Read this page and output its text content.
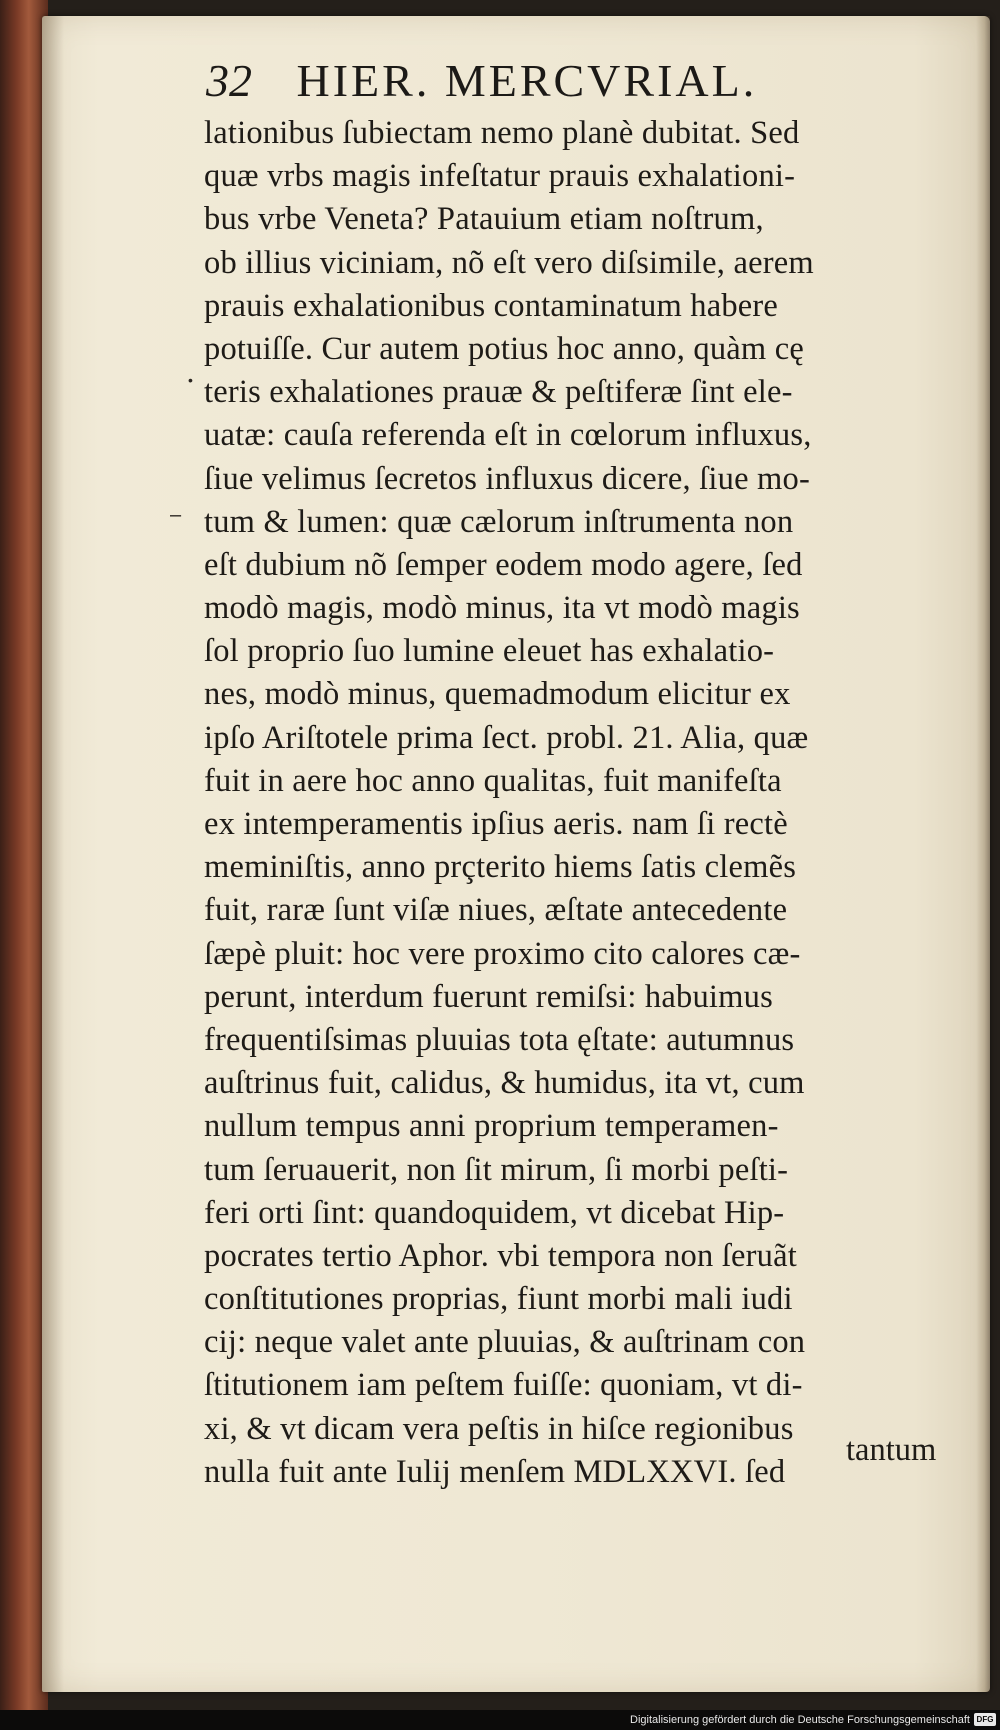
32 HIER. MERCVRIAL.
•
–
lationibus ſubiectam nemo planè dubitat. Sed
quæ vrbs magis infeſtatur prauis exhalationi-
bus vrbe Veneta? Patauium etiam noſtrum,
ob illius viciniam, nõ eſt vero diſsimile, aerem
prauis exhalationibus contaminatum habere
potuiſſe. Cur autem potius hoc anno, quàm cę
teris exhalationes prauæ & peſtiferæ ſint ele-
uatæ: cauſa referenda eſt in cœlorum influxus,
ſiue velimus ſecretos influxus dicere, ſiue mo-
tum & lumen: quæ cælorum inſtrumenta non
eſt dubium nõ ſemper eodem modo agere, ſed
modò magis, modò minus, ita vt modò magis
ſol proprio ſuo lumine eleuet has exhalatio-
nes, modò minus, quemadmodum elicitur ex
ipſo Ariſtotele prima ſect. probl. 21. Alia, quæ
fuit in aere hoc anno qualitas, fuit manifeſta
ex intemperamentis ipſius aeris. nam ſi rectè
meminiſtis, anno prçterito hiems ſatis clemẽs
fuit, raræ ſunt viſæ niues, æſtate antecedente
ſæpè pluit: hoc vere proximo cito calores cæ-
perunt, interdum fuerunt remiſsi: habuimus
frequentiſsimas pluuias tota ęſtate: autumnus
auſtrinus fuit, calidus, & humidus, ita vt, cum
nullum tempus anni proprium temperamen-
tum ſeruauerit, non ſit mirum, ſi morbi peſti-
feri orti ſint: quandoquidem, vt dicebat Hip-
pocrates tertio Aphor. vbi tempora non ſeruãt
conſtitutiones proprias, fiunt morbi mali iudi
cij: neque valet ante pluuias, & auſtrinam con
ſtitutionem iam peſtem fuiſſe: quoniam, vt di-
xi, & vt dicam vera peſtis in hiſce regionibus
nulla fuit ante Iulij menſem MDLXXVI. ſed
tantum
Digitalisierung gefördert durch die Deutsche Forschungsgemeinschaft DFG
